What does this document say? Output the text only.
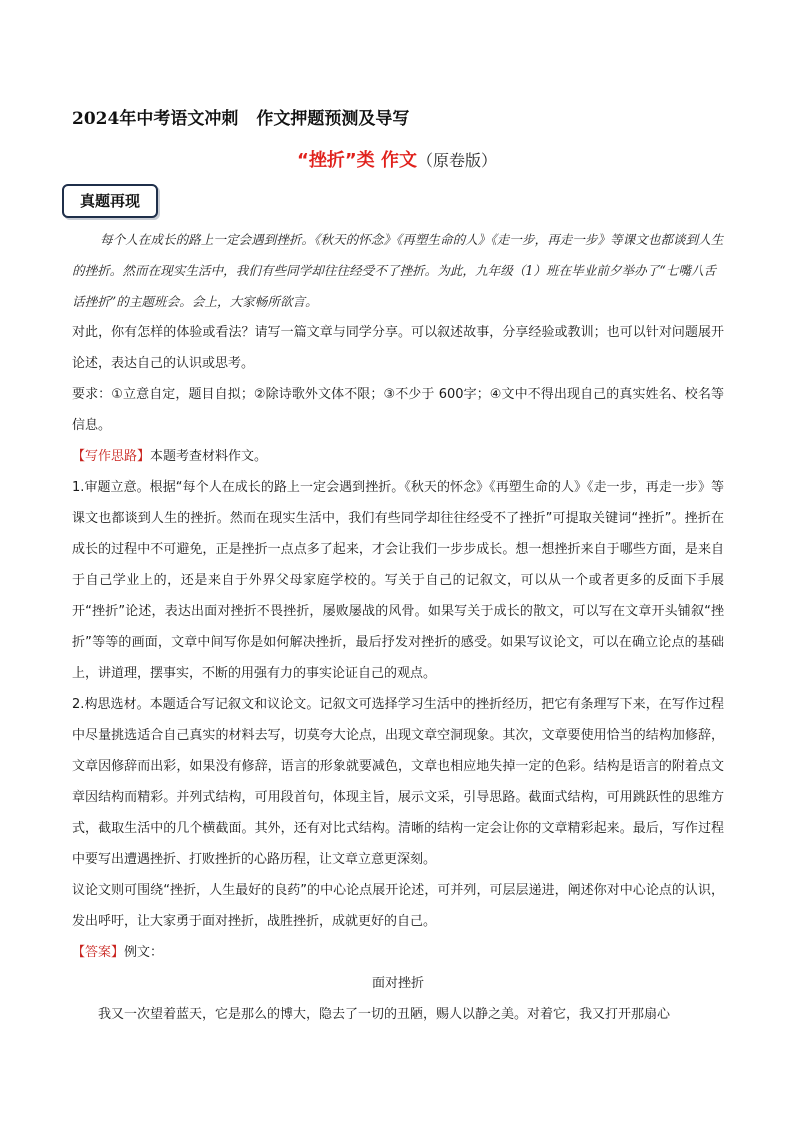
2024年中考语文冲刺 作文押题预测及导写
“挫折”类 作文（原卷版）
真题再现

每个人在成长的路上一定会遇到挫折。《秋天的怀念》《再塑生命的人》《走一步，再走一步》等课文也都谈到人生的挫折。然而在现实生活中，我们有些同学却往往经受不了挫折。为此，九年级（1）班在毕业前夕举办了“七嘴八舌话挫折”的主题班会。会上，大家畅所欲言。

对此，你有怎样的体验或看法？请写一篇文章与同学分享。可以叙述故事，分享经验或教训；也可以针对问题展开论述，表达自己的认识或思考。

要求：①立意自定，题目自拟；②除诗歌外文体不限；③不少于 600字；④文中不得出现自己的真实姓名、校名等信息。

【写作思路】本题考查材料作文。

1.审题立意。根据“每个人在成长的路上一定会遇到挫折。《秋天的怀念》《再塑生命的人》《走一步，再走一步》等课文也都谈到人生的挫折。然而在现实生活中，我们有些同学却往往经受不了挫折”可提取关键词“挫折”。挫折在成长的过程中不可避免，正是挫折一点点多了起来，才会让我们一步步成长。想一想挫折来自于哪些方面，是来自于自己学业上的，还是来自于外界父母家庭学校的。写关于自己的记叙文，可以从一个或者更多的反面下手展开“挫折”论述，表达出面对挫折不畏挫折，屡败屡战的风骨。如果写关于成长的散文，可以写在文章开头铺叙“挫折”等等的画面，文章中间写你是如何解决挫折，最后抒发对挫折的感受。如果写议论文，可以在确立论点的基础上，讲道理，摆事实，不断的用强有力的事实论证自己的观点。

2.构思选材。本题适合写记叙文和议论文。记叙文可选择学习生活中的挫折经历，把它有条理写下来，在写作过程中尽量挑选适合自己真实的材料去写，切莫夸大论点，出现文章空洞现象。其次，文章要使用恰当的结构加修辞，文章因修辞而出彩，如果没有修辞，语言的形象就要减色，文章也相应地失掉一定的色彩。结构是语言的附着点文章因结构而精彩。并列式结构，可用段首句，体现主旨，展示文采，引导思路。截面式结构，可用跳跃性的思维方式，截取生活中的几个横截面。其外，还有对比式结构。清晰的结构一定会让你的文章精彩起来。最后，写作过程中要写出遭遇挫折、打败挫折的心路历程，让文章立意更深刻。

议论文则可围绕“挫折，人生最好的良药”的中心论点展开论述，可并列，可层层递进，阐述你对中心论点的认识，发出呼吁，让大家勇于面对挫折，战胜挫折，成就更好的自己。

【答案】例文：

面对挫折

我又一次望着蓝天，它是那么的博大，隐去了一切的丑陋，赐人以静之美。对着它，我又打开那扇心
